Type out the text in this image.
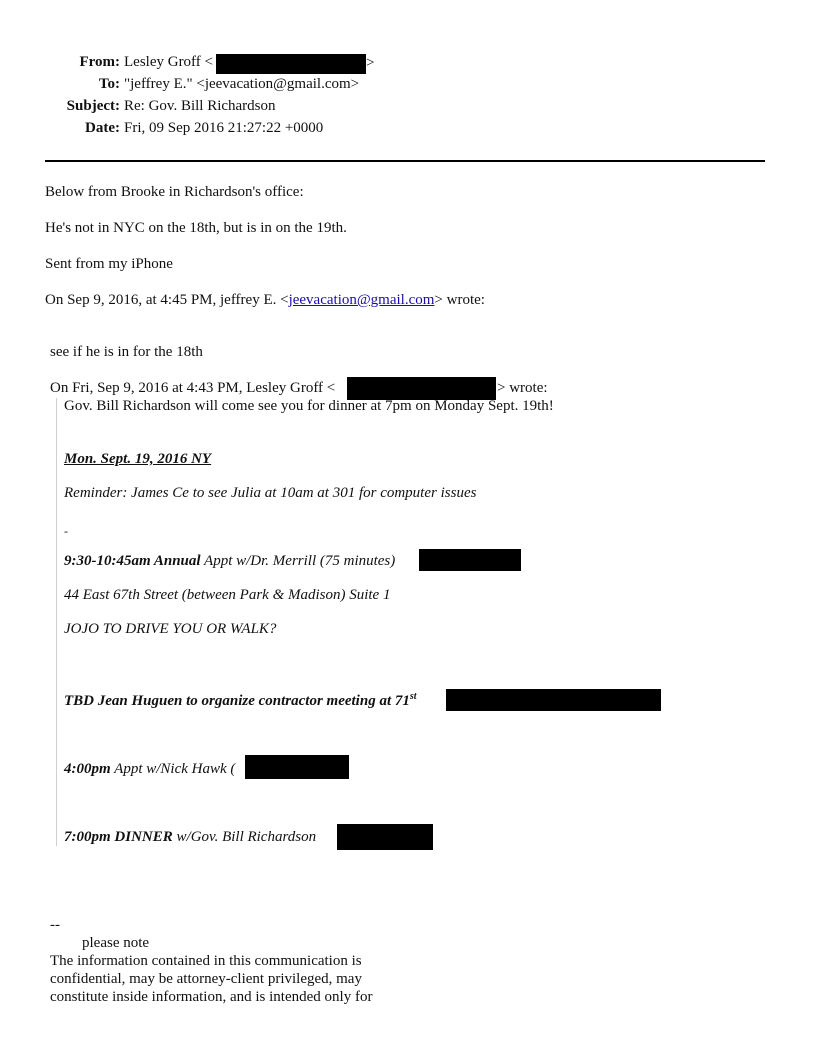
From: Lesley Groff <	>
To: "jeffrey E." <jeevacation@gmail.com>
Subject: Re: Gov. Bill Richardson
Date: Fri, 09 Sep 2016 21:27:22 +0000
Below from Brooke in Richardson's office:
He's not in NYC on the 18th, but is in on the 19th.
Sent from my iPhone
On Sep 9, 2016, at 4:45 PM, jeffrey E. <jeevacation@gmail.com> wrote:
see if he is in for the 18th
On Fri, Sep 9, 2016 at 4:43 PM, Lesley Groff <	> wrote:
Gov. Bill Richardson will come see you for dinner at 7pm on Monday Sept. 19th!
Mon. Sept. 19, 2016 NY
Reminder: James Ce to see Julia at 10am at 301 for computer issues
-
9:30-10:45am Annual Appt w/Dr. Merrill (75 minutes)
44 East 67th Street (between Park & Madison) Suite 1
JOJO TO DRIVE YOU OR WALK?
TBD Jean Huguen to organize contractor meeting at 71st
4:00pm Appt w/Nick Hawk (
7:00pm DINNER w/Gov. Bill Richardson
--
please note
The information contained in this communication is
confidential, may be attorney-client privileged, may
constitute inside information, and is intended only for
